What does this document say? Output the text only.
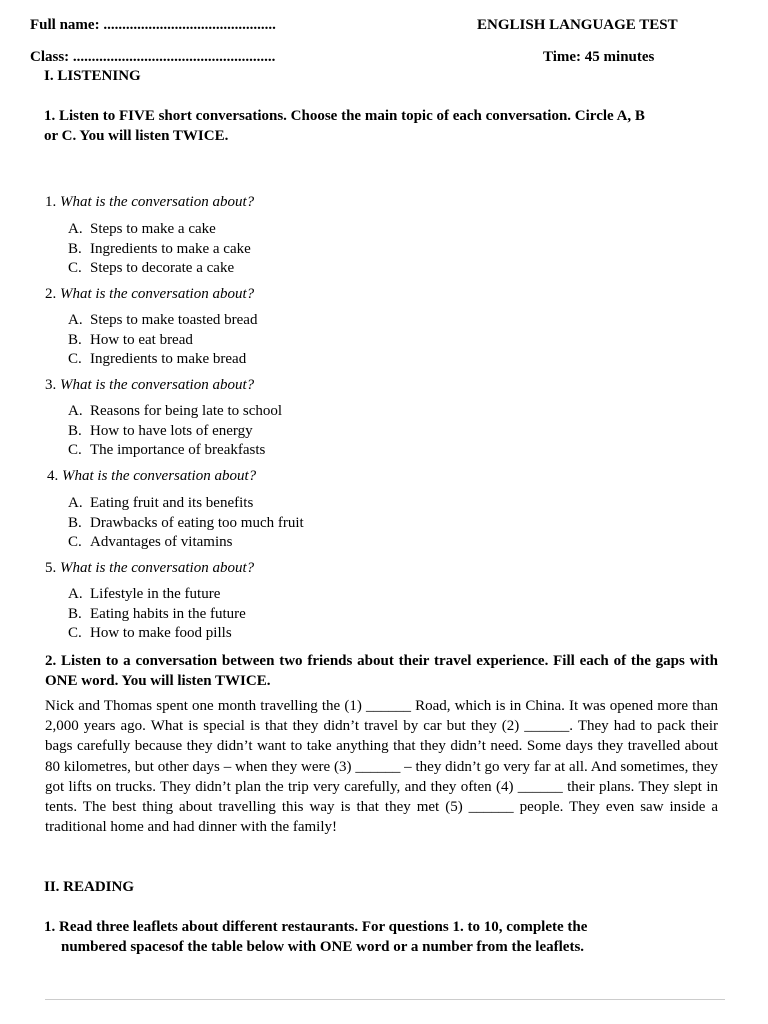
Full name: ..............................................	ENGLISH LANGUAGE TEST
Class: ......................................................	Time: 45 minutes
I. LISTENING
1. Listen to FIVE short conversations. Choose the main topic of each conversation. Circle A, B
or C. You will listen TWICE.
1. What is the conversation about?
A. Steps to make a cake
B. Ingredients to make a cake
C. Steps to decorate a cake
2. What is the conversation about?
A. Steps to make toasted bread
B. How to eat bread
C. Ingredients to make bread
3. What is the conversation about?
A. Reasons for being late to school
B. How to have lots of energy
C. The importance of breakfasts
4. What is the conversation about?
A. Eating fruit and its benefits
B. Drawbacks of eating too much fruit
C. Advantages of vitamins
5. What is the conversation about?
A. Lifestyle in the future
B. Eating habits in the future
C. How to make food pills
2. Listen to a conversation between two friends about their travel experience. Fill each of the gaps with ONE word. You will listen TWICE.
Nick and Thomas spent one month travelling the (1) ______ Road, which is in China. It was opened more than 2,000 years ago. What is special is that they didn’t travel by car but they (2) ______. They had to pack their bags carefully because they didn’t want to take anything that they didn’t need. Some days they travelled about 80 kilometres, but other days – when they were (3) ______ – they didn’t go very far at all. And sometimes, they got lifts on trucks. They didn’t plan the trip very carefully, and they often (4) ______ their plans. They slept in tents. The best thing about travelling this way is that they met (5) ______ people. They even saw inside a traditional home and had dinner with the family!
II. READING
1. Read three leaflets about different restaurants. For questions 1. to 10, complete the
numbered spacesof the table below with ONE word or a number from the leaflets.
